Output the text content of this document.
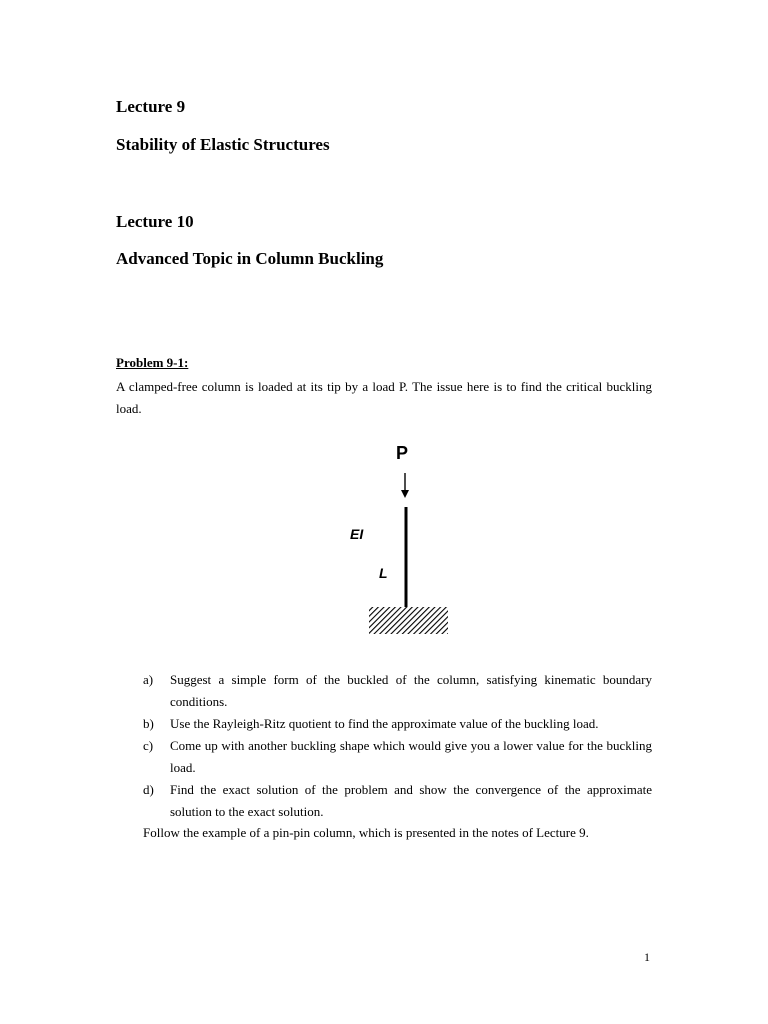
Lecture 9
Stability of Elastic Structures
Lecture 10
Advanced Topic in Column Buckling
Problem 9-1:
A clamped-free column is loaded at its tip by a load P. The issue here is to find the critical buckling load.
P
EI
L
a)	Suggest a simple form of the buckled of the column, satisfying kinematic boundary conditions.
b)	Use the Rayleigh-Ritz quotient to find the approximate value of the buckling load.
c)	Come up with another buckling shape which would give you a lower value for the buckling load.
d)	Find the exact solution of the problem and show the convergence of the approximate solution to the exact solution.
Follow the example of a pin-pin column, which is presented in the notes of Lecture 9.
1
